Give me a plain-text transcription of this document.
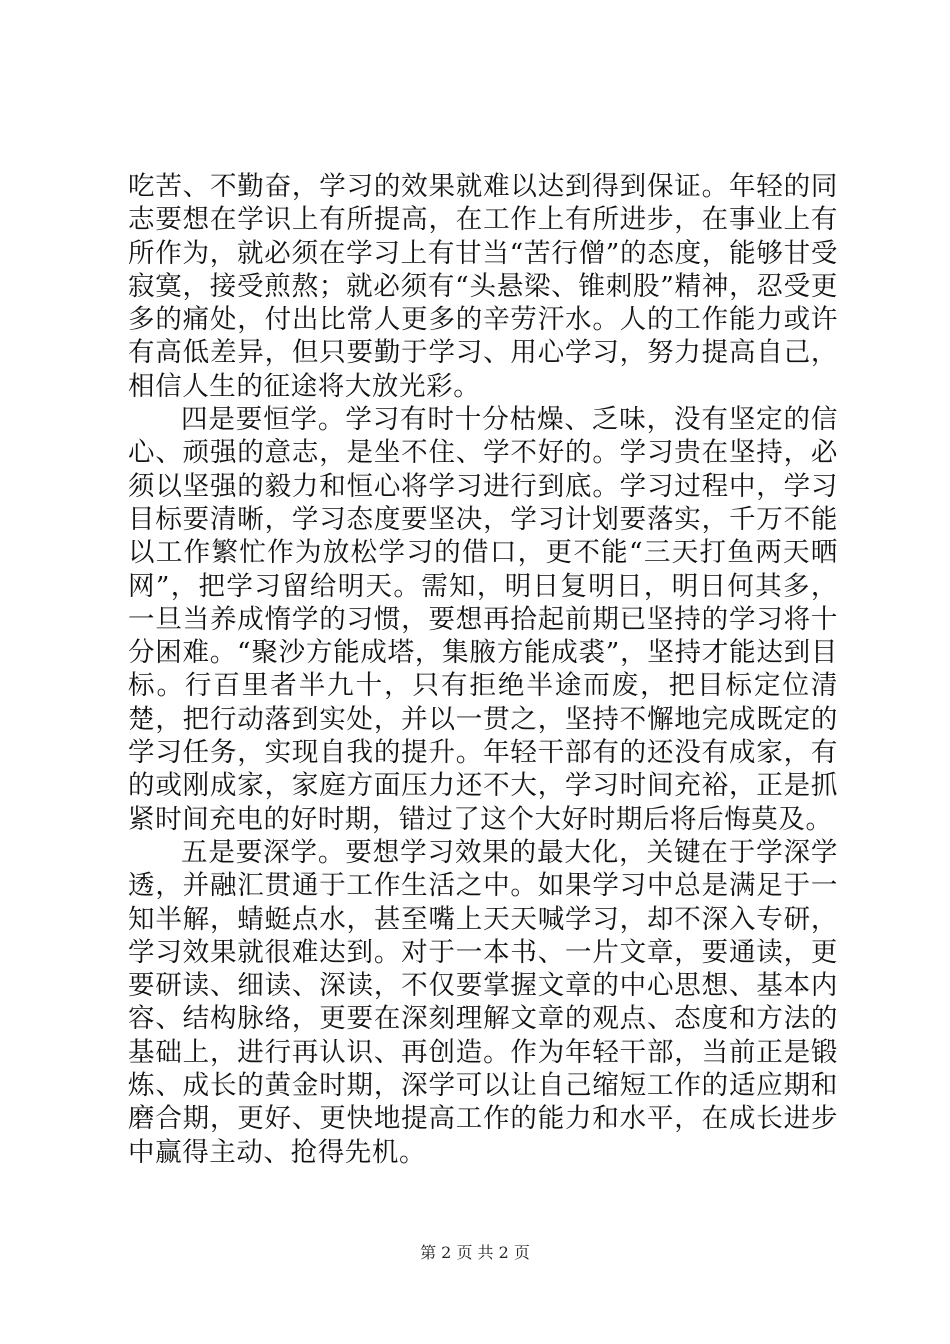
吃苦、不勤奋，学习的效果就难以达到得到保证。年轻的同志要想在学识上有所提高，在工作上有所进步，在事业上有所作为，就必须在学习上有甘当“苦行僧”的态度，能够甘受寂寞，接受煎熬；就必须有“头悬梁、锥刺股”精神，忍受更多的痛处，付出比常人更多的辛劳汗水。人的工作能力或许有高低差异，但只要勤于学习、用心学习，努力提高自己，相信人生的征途将大放光彩。

四是要恒学。学习有时十分枯燥、乏味，没有坚定的信心、顽强的意志，是坐不住、学不好的。学习贵在坚持，必须以坚强的毅力和恒心将学习进行到底。学习过程中，学习目标要清晰，学习态度要坚决，学习计划要落实，千万不能以工作繁忙作为放松学习的借口，更不能“三天打鱼两天晒网”，把学习留给明天。需知，明日复明日，明日何其多，一旦当养成惰学的习惯，要想再拾起前期已坚持的学习将十分困难。“聚沙方能成塔，集腋方能成裘”，坚持才能达到目标。行百里者半九十，只有拒绝半途而废，把目标定位清楚，把行动落到实处，并以一贯之，坚持不懈地完成既定的学习任务，实现自我的提升。年轻干部有的还没有成家，有的或刚成家，家庭方面压力还不大，学习时间充裕，正是抓紧时间充电的好时期，错过了这个大好时期后将后悔莫及。

五是要深学。要想学习效果的最大化，关键在于学深学透，并融汇贯通于工作生活之中。如果学习中总是满足于一知半解，蜻蜓点水，甚至嘴上天天喊学习，却不深入专研，学习效果就很难达到。对于一本书、一片文章，要通读，更要研读、细读、深读，不仅要掌握文章的中心思想、基本内容、结构脉络，更要在深刻理解文章的观点、态度和方法的基础上，进行再认识、再创造。作为年轻干部，当前正是锻炼、成长的黄金时期，深学可以让自己缩短工作的适应期和磨合期，更好、更快地提高工作的能力和水平，在成长进步中赢得主动、抢得先机。

第 2 页 共 2 页
